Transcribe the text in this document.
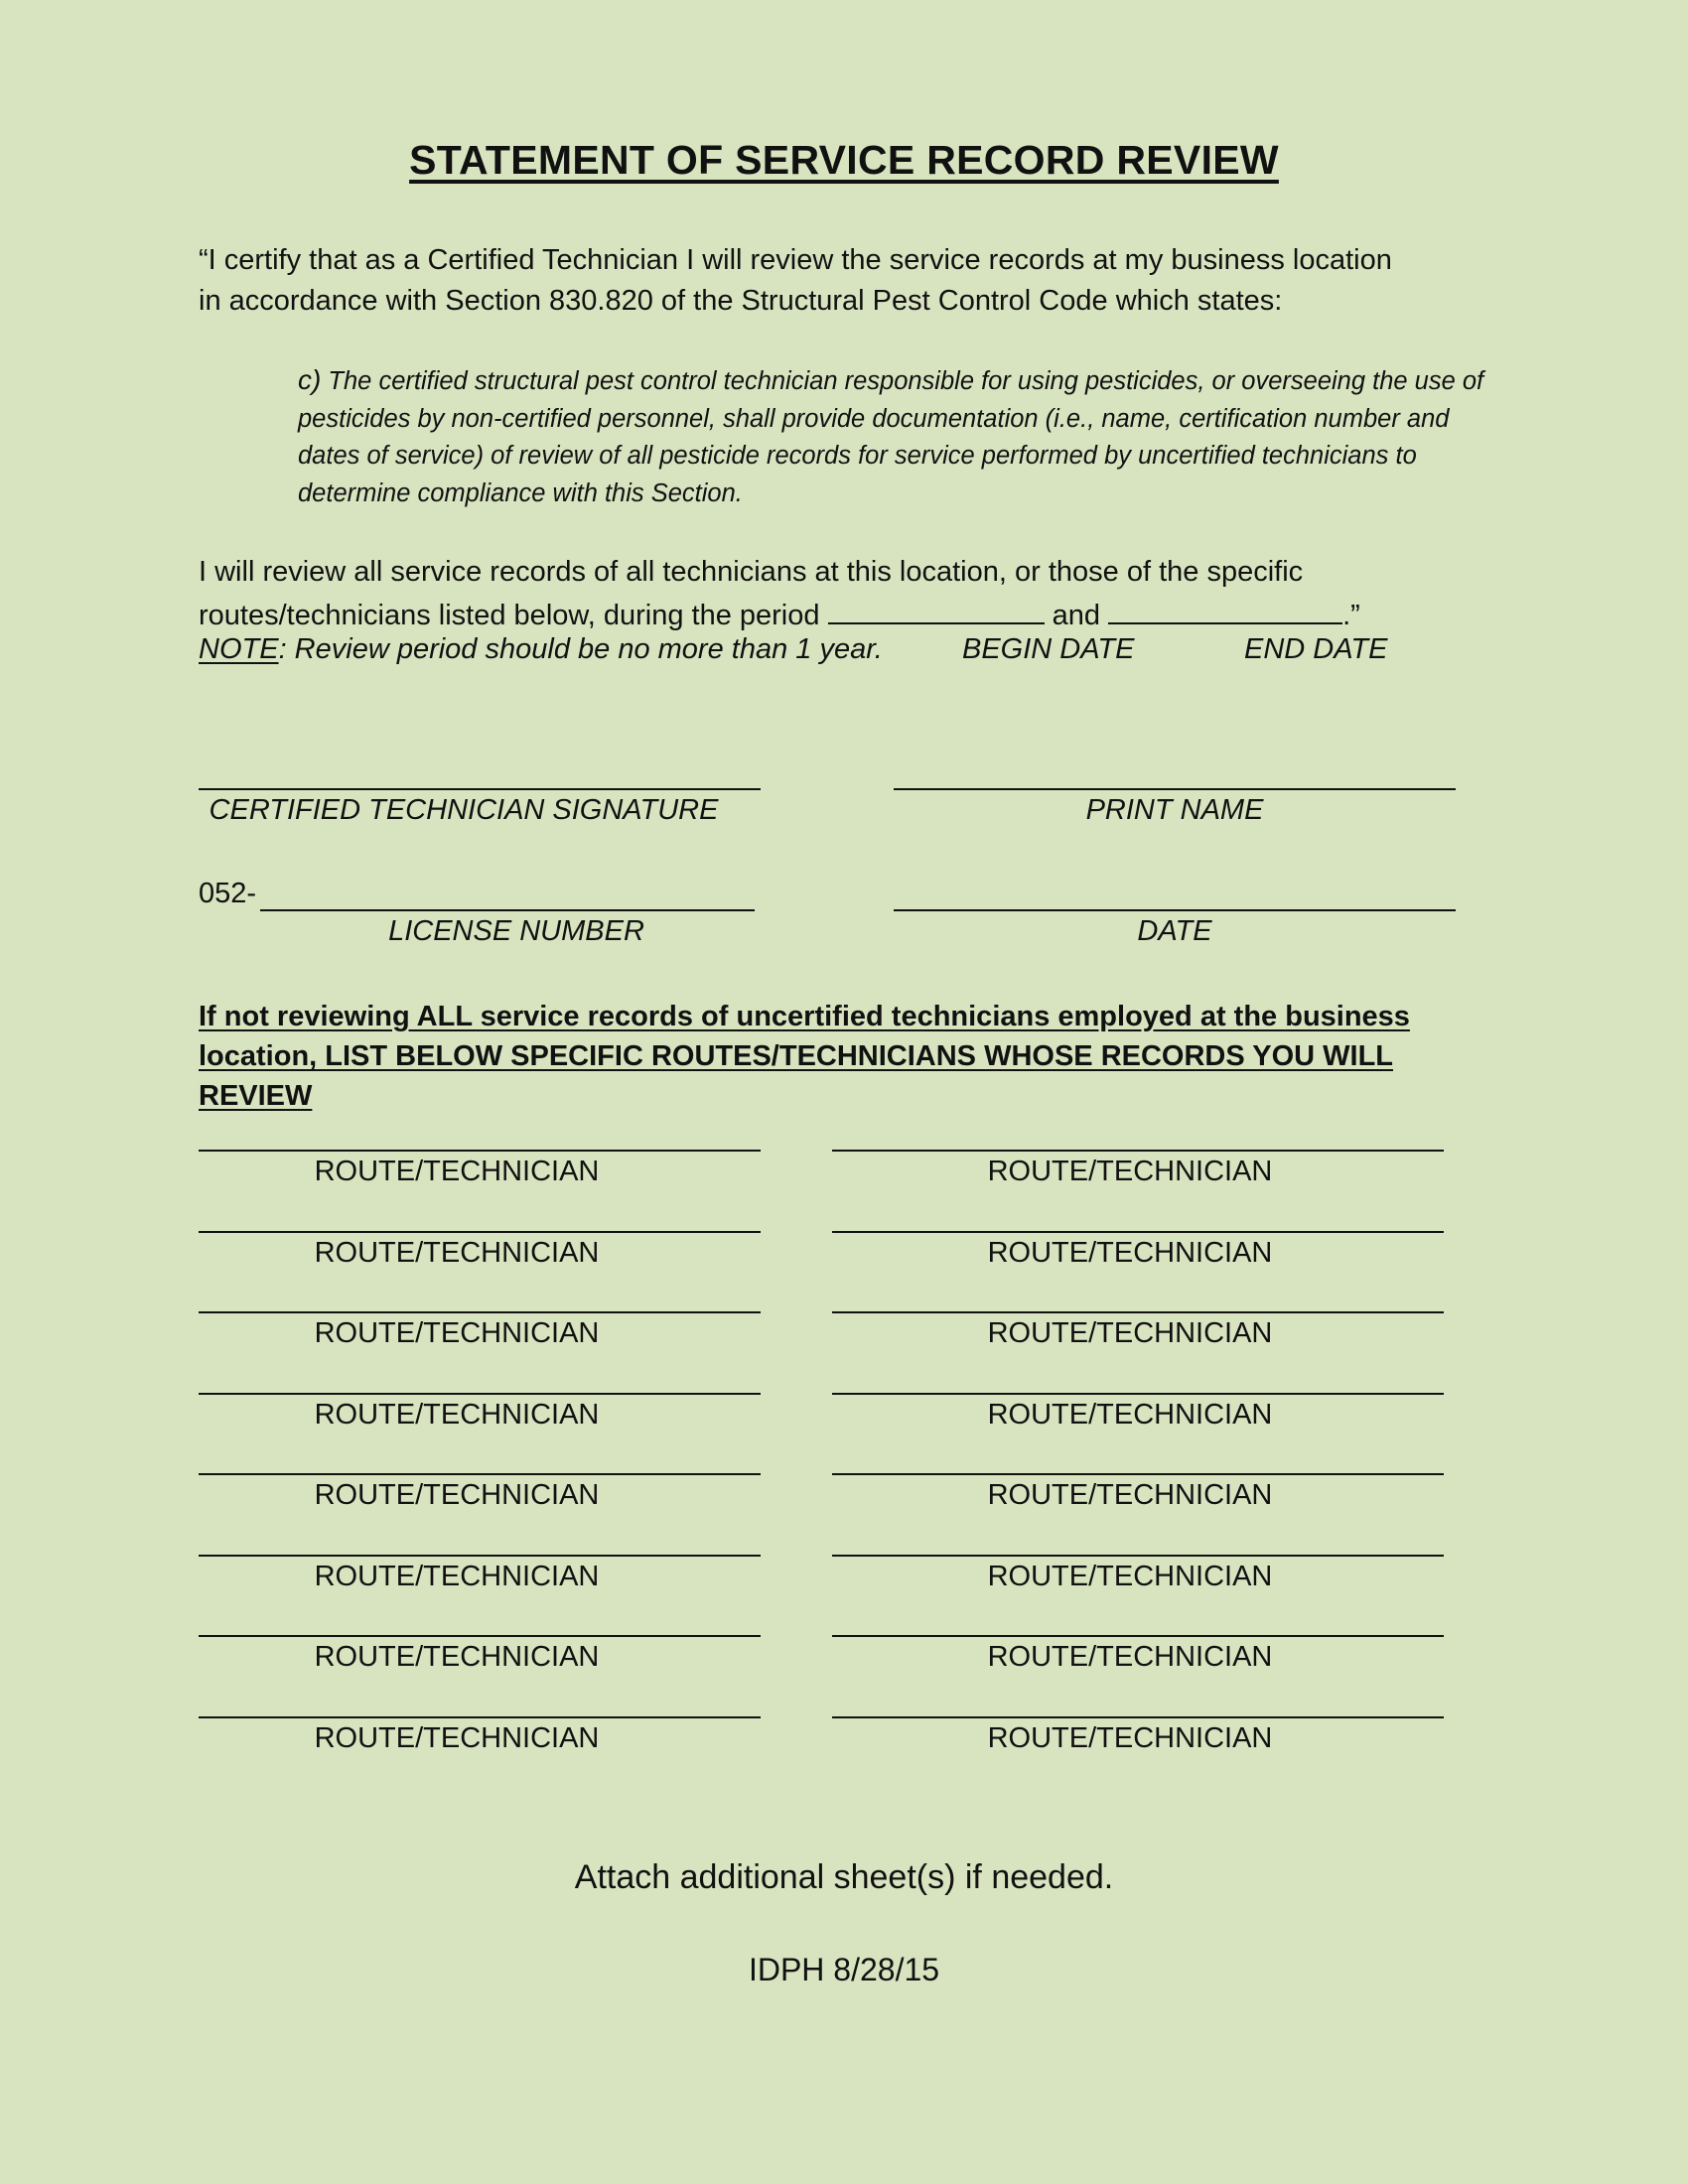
STATEMENT OF SERVICE RECORD REVIEW
“I certify that as a Certified Technician I will review the service records at my business location
in accordance with Section 830.820 of the Structural Pest Control Code which states:
c) The certified structural pest control technician responsible for using pesticides, or overseeing the use of pesticides by non-certified personnel, shall provide documentation (i.e., name, certification number and dates of service) of review of all pesticide records for service performed by uncertified technicians to determine compliance with this Section.
I will review all service records of all technicians at this location, or those of the specific
routes/technicians listed below, during the period	and	.”
NOTE: Review period should be no more than 1 year.	BEGIN DATE	END DATE
CERTIFIED TECHNICIAN SIGNATURE	PRINT NAME
052-
LICENSE NUMBER	DATE
If not reviewing ALL service records of uncertified technicians employed at the business
location, LIST BELOW SPECIFIC ROUTES/TECHNICIANS WHOSE RECORDS YOU WILL REVIEW
ROUTE/TECHNICIAN	ROUTE/TECHNICIAN
ROUTE/TECHNICIAN	ROUTE/TECHNICIAN
ROUTE/TECHNICIAN	ROUTE/TECHNICIAN
ROUTE/TECHNICIAN	ROUTE/TECHNICIAN
ROUTE/TECHNICIAN	ROUTE/TECHNICIAN
ROUTE/TECHNICIAN	ROUTE/TECHNICIAN
ROUTE/TECHNICIAN	ROUTE/TECHNICIAN
ROUTE/TECHNICIAN	ROUTE/TECHNICIAN
Attach additional sheet(s) if needed.
IDPH 8/28/15
